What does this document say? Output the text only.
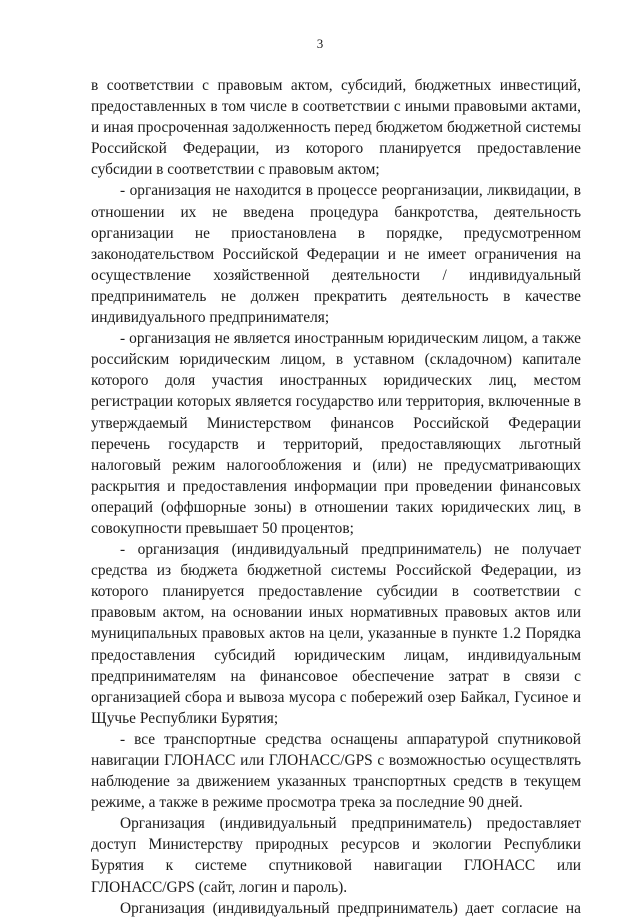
3

в соответствии с правовым актом, субсидий, бюджетных инвестиций, предоставленных в том числе в соответствии с иными правовыми актами, и иная просроченная задолженность перед бюджетом бюджетной системы Российской Федерации, из которого планируется предоставление субсидии в соответствии с правовым актом;

- организация не находится в процессе реорганизации, ликвидации, в отношении их не введена процедура банкротства, деятельность организации не приостановлена в порядке, предусмотренном законодательством Российской Федерации и не имеет ограничения на осуществление хозяйственной деятельности / индивидуальный предприниматель не должен прекратить деятельность в качестве индивидуального предпринимателя;

- организация не является иностранным юридическим лицом, а также российским юридическим лицом, в уставном (складочном) капитале которого доля участия иностранных юридических лиц, местом регистрации которых является государство или территория, включенные в утверждаемый Министерством финансов Российской Федерации перечень государств и территорий, предоставляющих льготный налоговый режим налогообложения и (или) не предусматривающих раскрытия и предоставления информации при проведении финансовых операций (оффшорные зоны) в отношении таких юридических лиц, в совокупности превышает 50 процентов;

- организация (индивидуальный предприниматель) не получает средства из бюджета бюджетной системы Российской Федерации, из которого планируется предоставление субсидии в соответствии с правовым актом, на основании иных нормативных правовых актов или муниципальных правовых актов на цели, указанные в пункте 1.2 Порядка предоставления субсидий юридическим лицам, индивидуальным предпринимателям на финансовое обеспечение затрат в связи с организацией сбора и вывоза мусора с побережий озер Байкал, Гусиное и Щучье Республики Бурятия;

- все транспортные средства оснащены аппаратурой спутниковой навигации ГЛОНАСС или ГЛОНАСС/GPS с возможностью осуществлять наблюдение за движением указанных транспортных средств в текущем режиме, а также в режиме просмотра трека за последние 90 дней.

Организация (индивидуальный предприниматель) предоставляет доступ Министерству природных ресурсов и экологии Республики Бурятия к системе спутниковой навигации ГЛОНАСС или ГЛОНАСС/GPS (сайт, логин и пароль).

Организация (индивидуальный предприниматель) дает согласие на
